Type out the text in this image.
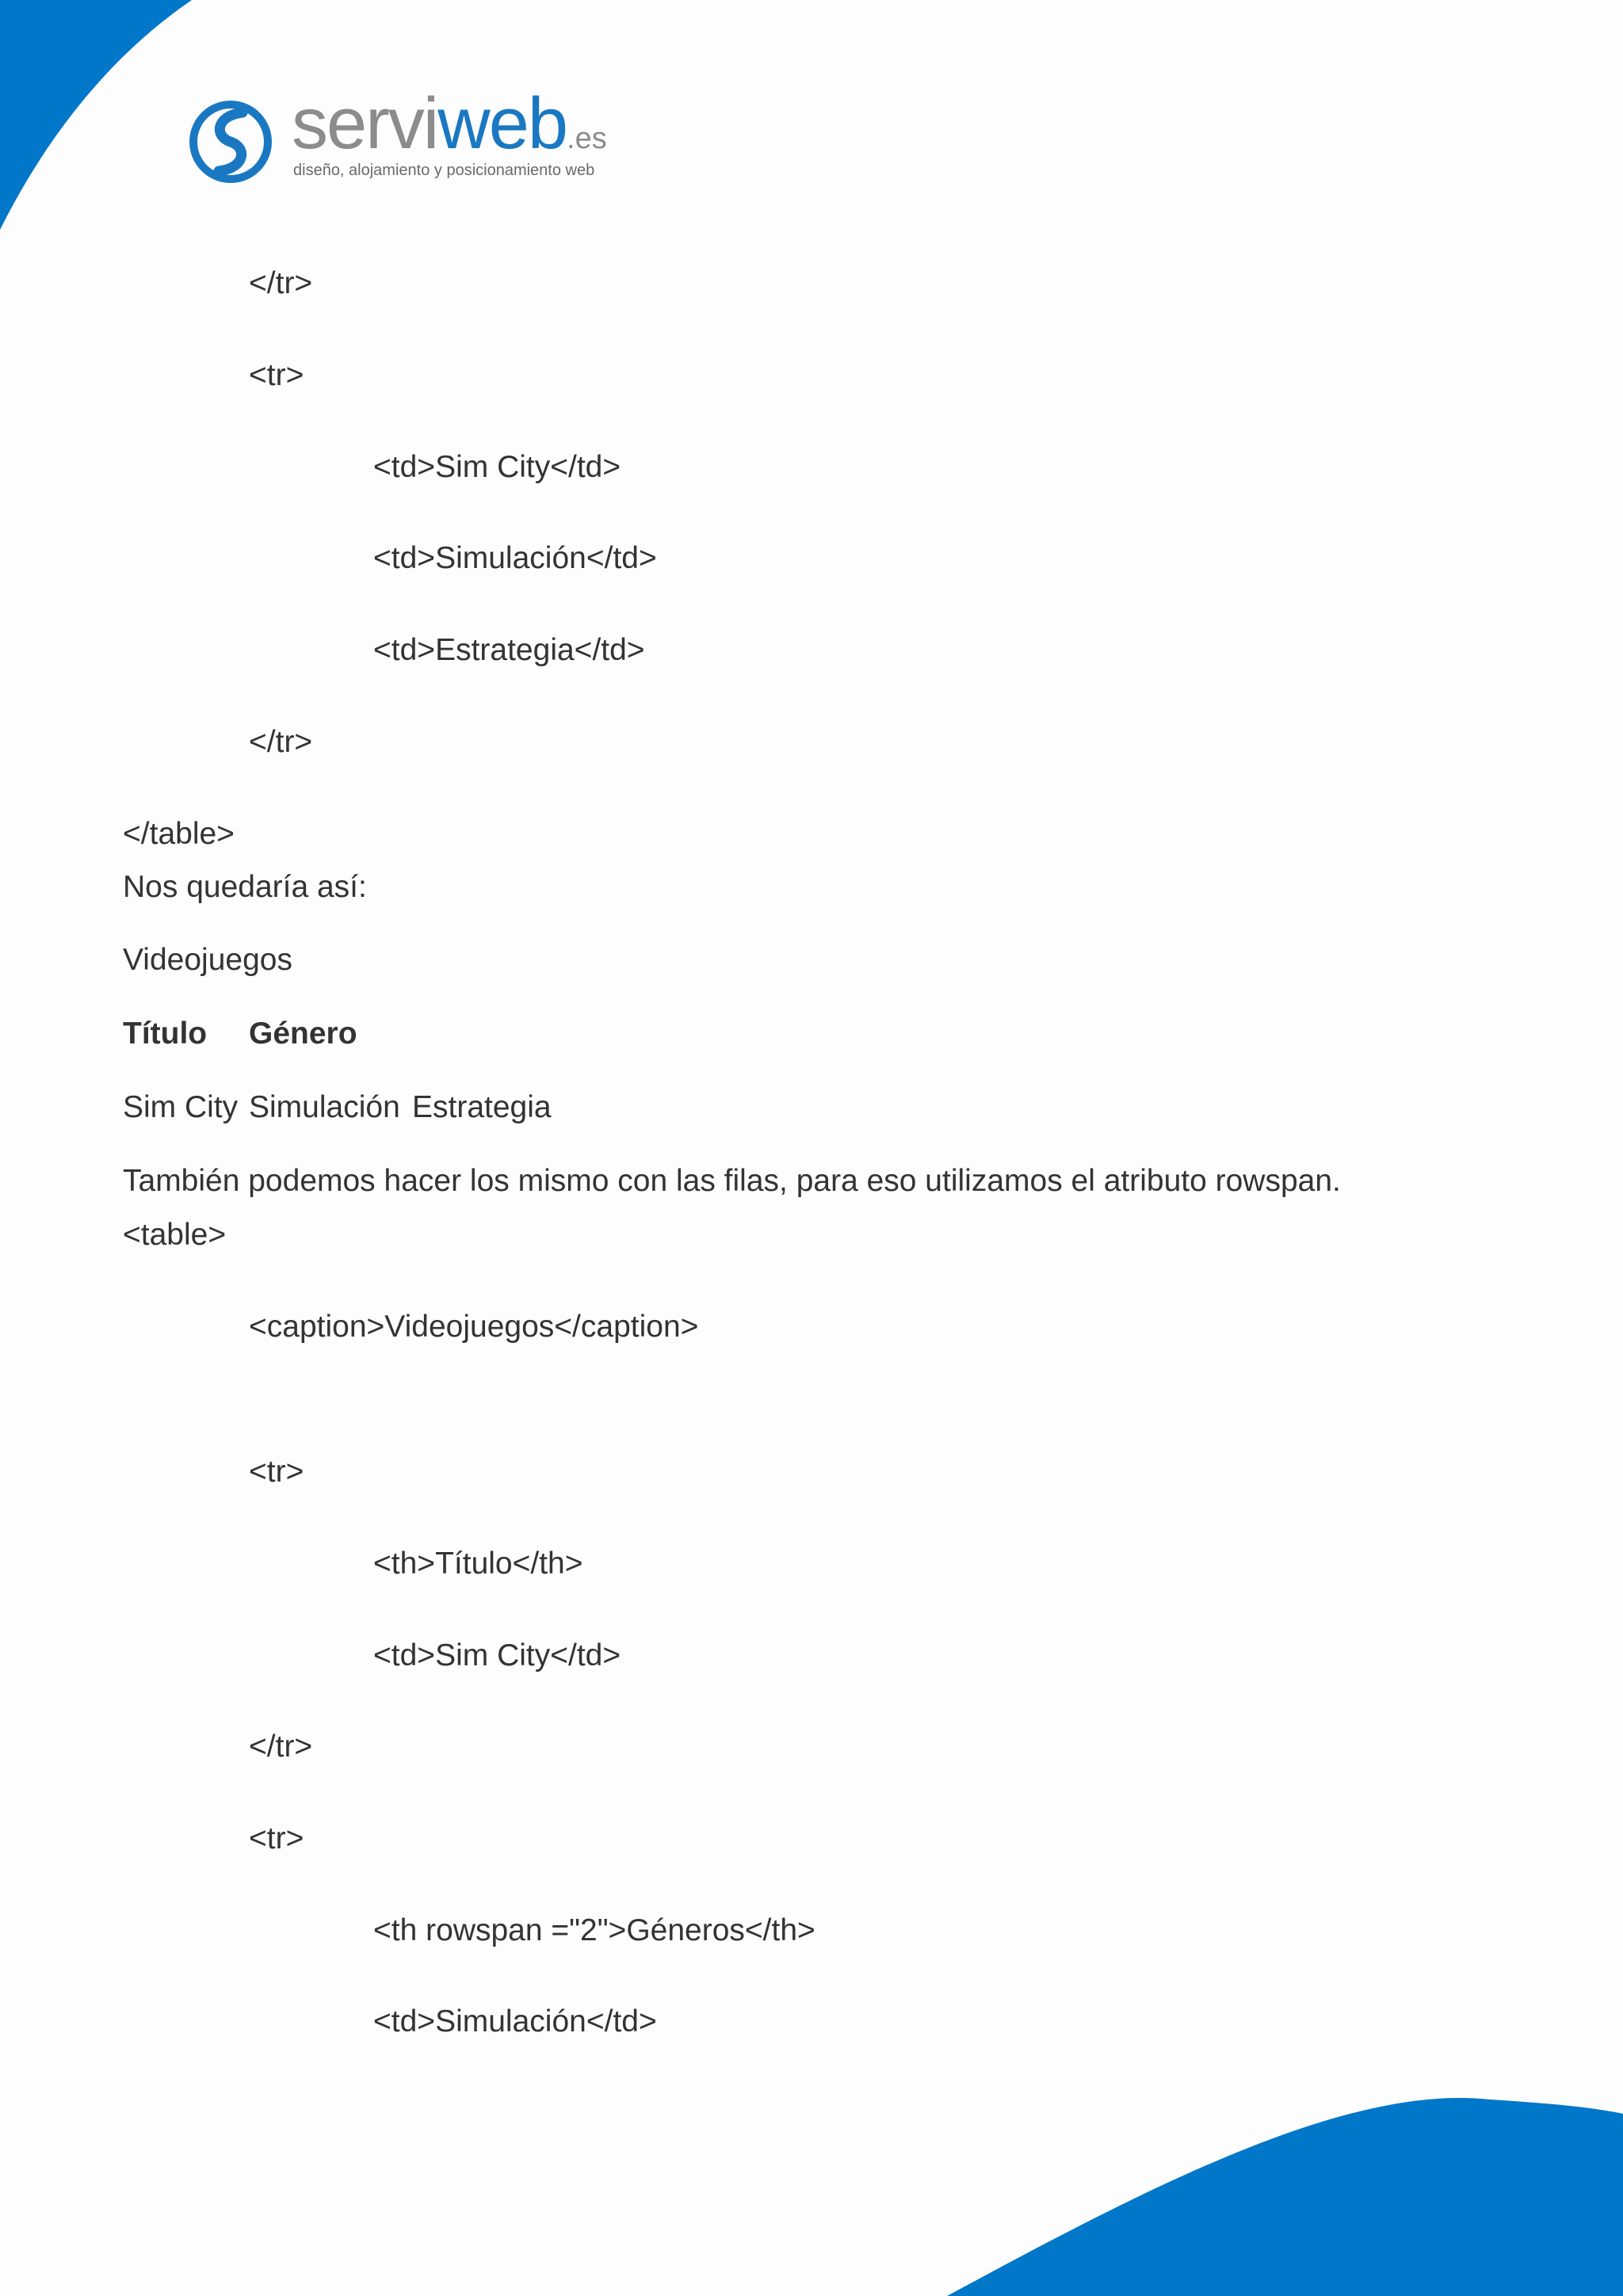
serviweb.es
diseño, alojamiento y posicionamiento web
</tr>
<tr>
<td>Sim City</td>
<td>Simulación</td>
<td>Estrategia</td>
</tr>
</table>
Nos quedaría así:
Videojuegos
Título Género
Sim City Simulación Estrategia
También podemos hacer los mismo con las filas, para eso utilizamos el atributo rowspan.
<table>
<caption>Videojuegos</caption>
<tr>
<th>Título</th>
<td>Sim City</td>
</tr>
<tr>
<th rowspan ="2">Géneros</th>
<td>Simulación</td>
